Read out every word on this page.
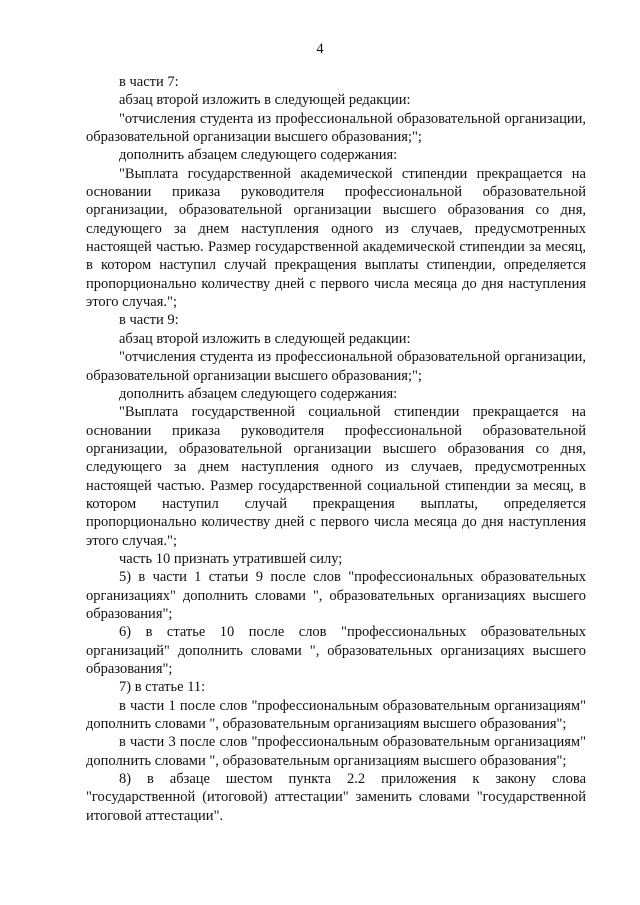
4

в части 7:

абзац второй изложить в следующей редакции:

"отчисления студента из профессиональной образовательной организации, образовательной организации высшего образования;";

дополнить абзацем следующего содержания:

"Выплата государственной академической стипендии прекращается на основании приказа руководителя профессиональной образовательной организации, образовательной организации высшего образования со дня, следующего за днем наступления одного из случаев, предусмотренных настоящей частью. Размер государственной академической стипендии за месяц, в котором наступил случай прекращения выплаты стипендии, определяется пропорционально количеству дней с первого числа месяца до дня наступления этого случая.";

в части 9:

абзац второй изложить в следующей редакции:

"отчисления студента из профессиональной образовательной организации, образовательной организации высшего образования;";

дополнить абзацем следующего содержания:

"Выплата государственной социальной стипендии прекращается на основании приказа руководителя профессиональной образовательной организации, образовательной организации высшего образования со дня, следующего за днем наступления одного из случаев, предусмотренных настоящей частью. Размер государственной социальной стипендии за месяц, в котором наступил случай прекращения выплаты, определяется пропорционально количеству дней с первого числа месяца до дня наступления этого случая.";

часть 10 признать утратившей силу;

5) в части 1 статьи 9 после слов "профессиональных образовательных организациях" дополнить словами ", образовательных организациях высшего образования";

6) в статье 10 после слов "профессиональных образовательных организаций" дополнить словами ", образовательных организациях высшего образования";

7) в статье 11:

в части 1 после слов "профессиональным образовательным организациям" дополнить словами ", образовательным организациям высшего образования";

в части 3 после слов "профессиональным образовательным организациям" дополнить словами ", образовательным организациям высшего образования";

8) в абзаце шестом пункта 2.2 приложения к закону слова "государственной (итоговой) аттестации" заменить словами "государственной итоговой аттестации".
